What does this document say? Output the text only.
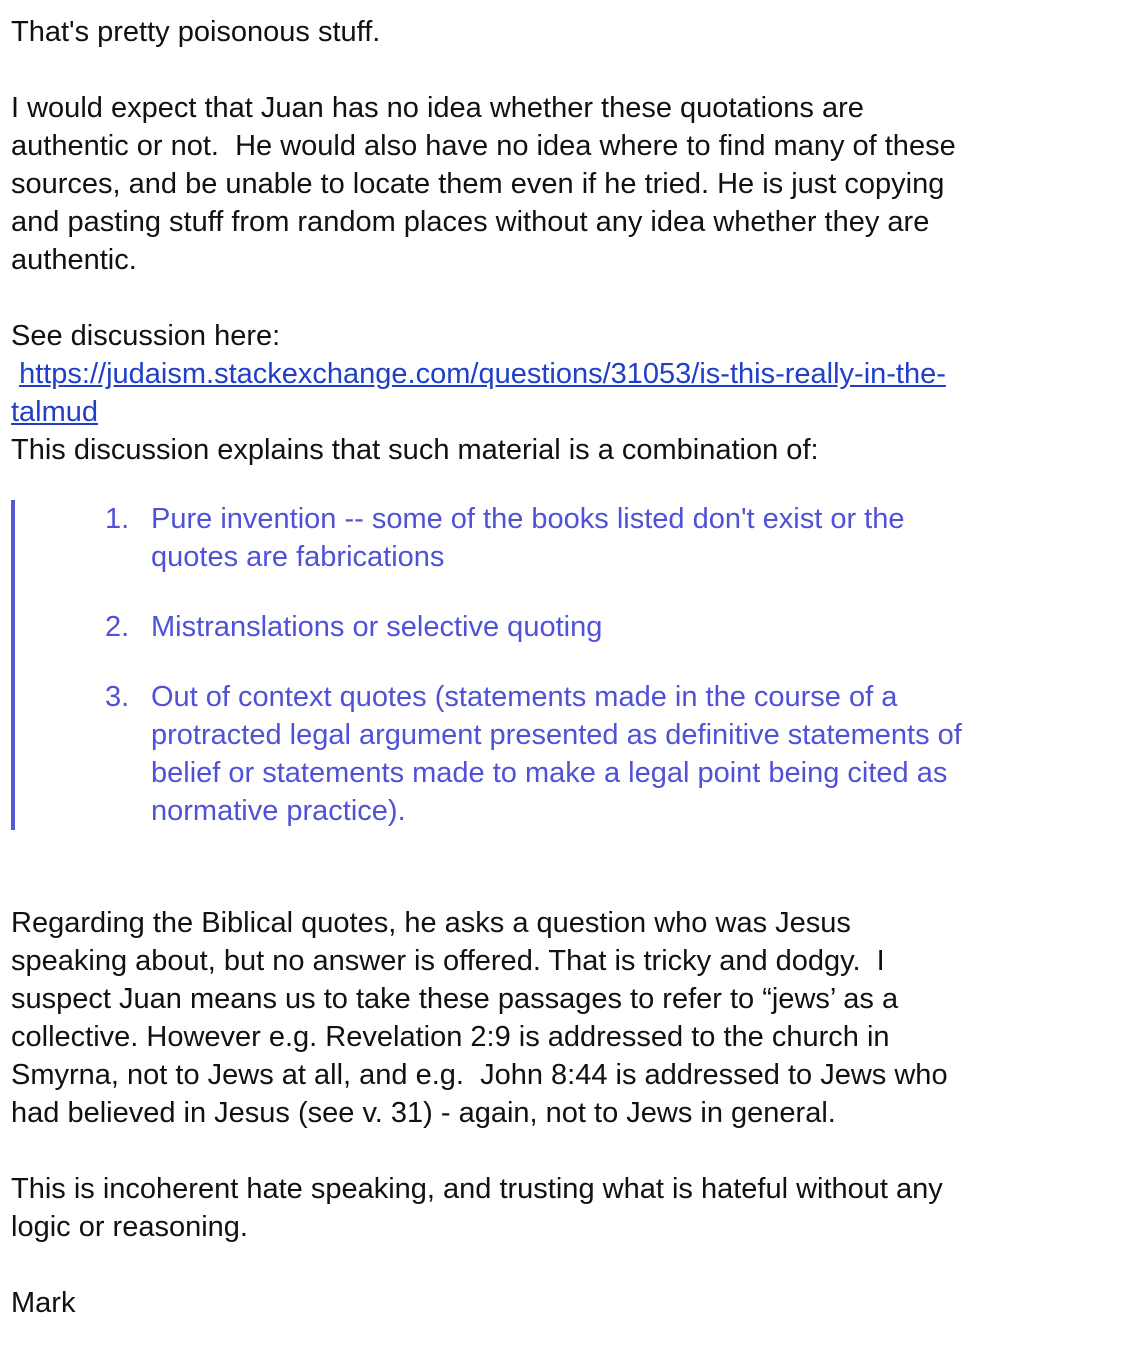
That's pretty poisonous stuff.
I would expect that Juan has no idea whether these quotations are
authentic or not.  He would also have no idea where to find many of these
sources, and be unable to locate them even if he tried. He is just copying
and pasting stuff from random places without any idea whether they are
authentic.
See discussion here:
https://judaism.stackexchange.com/questions/31053/is-this-really-in-the-
talmud
This discussion explains that such material is a combination of:
1. Pure invention -- some of the books listed don't exist or the
quotes are fabrications
2. Mistranslations or selective quoting
3. Out of context quotes (statements made in the course of a
protracted legal argument presented as definitive statements of
belief or statements made to make a legal point being cited as
normative practice).
Regarding the Biblical quotes, he asks a question who was Jesus
speaking about, but no answer is offered. That is tricky and dodgy.  I
suspect Juan means us to take these passages to refer to “jews’ as a
collective. However e.g. Revelation 2:9 is addressed to the church in
Smyrna, not to Jews at all, and e.g.  John 8:44 is addressed to Jews who
had believed in Jesus (see v. 31) - again, not to Jews in general.
This is incoherent hate speaking, and trusting what is hateful without any
logic or reasoning.
Mark
